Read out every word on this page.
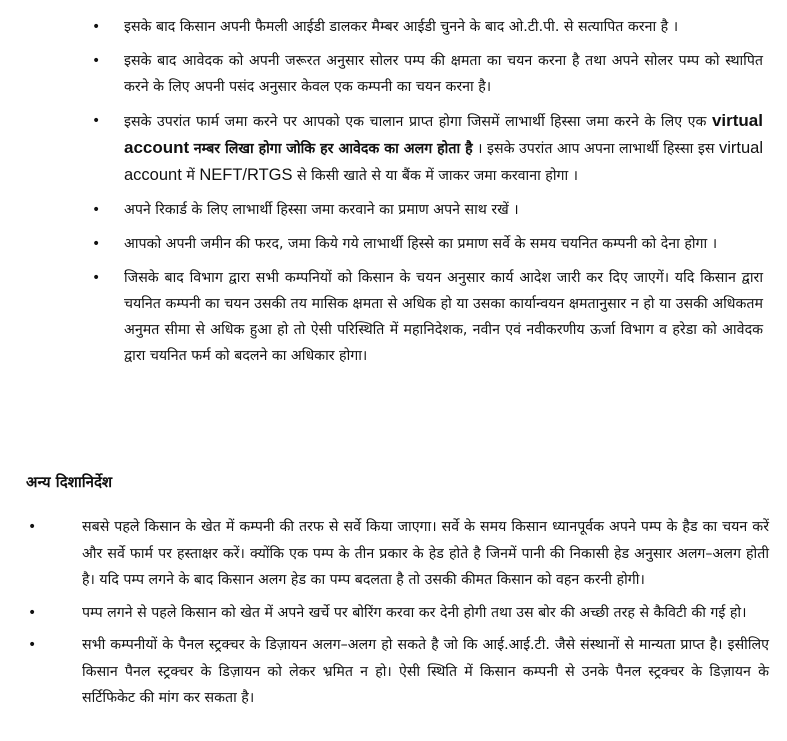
• इसके बाद किसान अपनी फैमली आईडी डालकर मैम्बर आईडी चुनने के बाद ओ.टी.पी. से सत्यापित करना है ।
• इसके बाद आवेदक को अपनी जरूरत अनुसार सोलर पम्प की क्षमता का चयन करना है तथा अपने सोलर पम्प को स्थापित करने के लिए अपनी पसंद अनुसार केवल एक कम्पनी का चयन करना है।
• इसके उपरांत फार्म जमा करने पर आपको एक चालान प्राप्त होगा जिसमें लाभार्थी हिस्सा जमा करने के लिए एक virtual account नम्बर लिखा होगा जोकि हर आवेदक का अलग होता है । इसके उपरांत आप अपना लाभार्थी हिस्सा इस virtual account में NEFT/RTGS से किसी खाते से या बैंक में जाकर जमा करवाना होगा ।
• अपने रिकार्ड के लिए लाभार्थी हिस्सा जमा करवाने का प्रमाण अपने साथ रखें ।
• आपको अपनी जमीन की फरद, जमा किये गये लाभार्थी हिस्से का प्रमाण सर्वे के समय चयनित कम्पनी को देना होगा ।
• जिसके बाद विभाग द्वारा सभी कम्पनियों को किसान के चयन अनुसार कार्य आदेश जारी कर दिए जाएगें। यदि किसान द्वारा चयनित कम्पनी का चयन उसकी तय मासिक क्षमता से अधिक हो या उसका कार्यान्वयन क्षमतानुसार न हो या उसकी अधिकतम अनुमत सीमा से अधिक हुआ हो तो ऐसी परिस्थिति में महानिदेशक, नवीन एवं नवीकरणीय ऊर्जा विभाग व हरेडा को आवेदक द्वारा चयनित फर्म को बदलने का अधिकार होगा।
अन्य दिशानिर्देश
•	सबसे पहले किसान के खेत में कम्पनी की तरफ से सर्वे किया जाएगा। सर्वे के समय किसान ध्यानपूर्वक अपने पम्प के हैड का चयन करें और सर्वे फार्म पर हस्ताक्षर करें। क्योंकि एक पम्प के तीन प्रकार के हेड होते है जिनमें पानी की निकासी हेड अनुसार अलग–अलग होती है। यदि पम्प लगने के बाद किसान अलग हेड का पम्प बदलता है तो उसकी कीमत किसान को वहन करनी होगी।
•	पम्प लगने से पहले किसान को खेत में अपने खर्चे पर बोरिंग करवा कर देनी होगी तथा उस बोर की अच्छी तरह से कैविटी की गई हो।
•	सभी कम्पनीयों के पैनल स्ट्रक्चर के डिज़ायन अलग–अलग हो सकते है जो कि आई.आई.टी. जैसे संस्थानों से मान्यता प्राप्त है। इसीलिए किसान पैनल स्ट्रक्चर के डिज़ायन को लेकर भ्रमित न हो। ऐसी स्थिति में किसान कम्पनी से उनके पैनल स्ट्रक्चर के डिज़ायन के सर्टिफिकेट की मांग कर सकता है।
